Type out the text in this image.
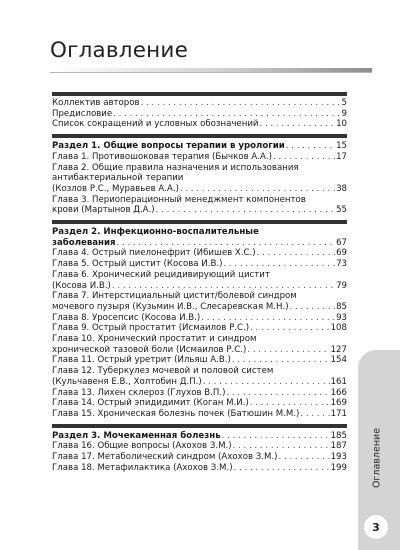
Оглавление
Коллектив авторов . . .	5
Предисловие . . .	9
Список сокращений и условных обозначений . . .	10
Раздел 1. Общие вопросы терапии в урологии . . .	15
Глава 1. Противошоковая терапия (Бычков А.А.) . . .	17
Глава 2. Общие правила назначения и использования
антибактериальной терапии
(Козлов Р.С., Муравьев А.А.) . . .	38
Глава 3. Периоперационный менеджмент компонентов
крови (Мартынов Д.А.) . . .	55
Раздел 2. Инфекционно-воспалительные
заболевания . . .	67
Глава 4. Острый пиелонефрит (Ибишев Х.С.) . . .	69
Глава 5. Острый цистит (Косова И.В.) . . .	73
Глава 6. Хронический рецидивирующий цистит
(Косова И.В.) . . .	79
Глава 7. Интерстициальный цистит/болевой синдром
мочевого пузыря (Кузьмин И.В., Слесаревская М.Н.) . . .	85
Глава 8. Уросепсис (Косова И.В.) . . .	93
Глава 9. Острый простатит (Исмаилов Р.С.) . . .	108
Глава 10. Хронический простатит и синдром
хронической тазовой боли (Исмаилов Р.С.) . . .	127
Глава 11. Острый уретрит (Ильяш А.В.) . . .	154
Глава 12. Туберкулез мочевой и половой систем
(Кульчавеня Е.В., Холтобин Д.П.) . . .	161
Глава 13. Лихен склероз (Глухов В.П.) . . .	166
Глава 14. Острый эпидидимит (Коган М.И.) . . .	169
Глава 15. Хроническая болезнь почек (Батюшин М.М.) . . .	171
Раздел 3. Мочекаменная болезнь . . .	185
Глава 16. Общие вопросы (Ахохов З.М.) . . .	187
Глава 17. Метаболический синдром (Ахохов З.М.) . . .	193
Глава 18. Метафилактика (Ахохов З.М.) . . .	199	Оглавление
3
